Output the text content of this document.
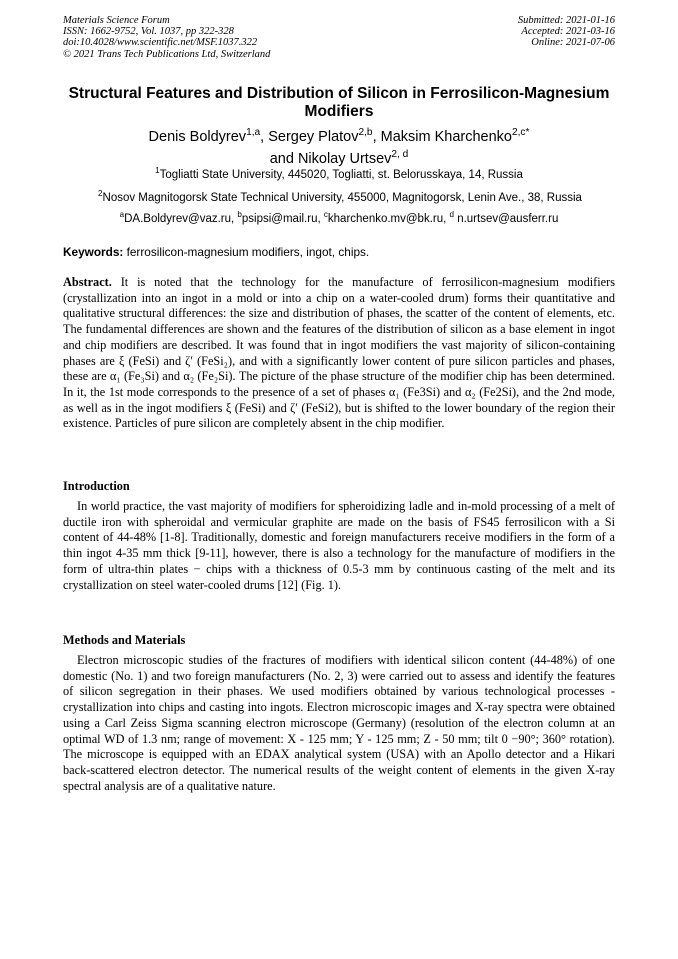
Materials Science Forum
ISSN: 1662-9752, Vol. 1037, pp 322-328
doi:10.4028/www.scientific.net/MSF.1037.322
© 2021 Trans Tech Publications Ltd, Switzerland
Submitted: 2021-01-16
Accepted: 2021-03-16
Online: 2021-07-06
Structural Features and Distribution of Silicon in Ferrosilicon-Magnesium Modifiers
Denis Boldyrev$^{1,a}$, Sergey Platov$^{2,b}$, Maksim Kharchenko$^{2,c*}$
and Nikolay Urtsev$^{2, d}$
$^1$Togliatti State University, 445020, Togliatti, st. Belorusskaya, 14, Russia
$^2$Nosov Magnitogorsk State Technical University, 455000, Magnitogorsk, Lenin Ave., 38, Russia
$^a$DA.Boldyrev@vaz.ru, $^b$psipsi@mail.ru, $^c$kharchenko.mv@bk.ru, $^d$ n.urtsev@ausferr.ru
Keywords: ferrosilicon-magnesium modifiers, ingot, chips.
Abstract. It is noted that the technology for the manufacture of ferrosilicon-magnesium modifiers (crystallization into an ingot in a mold or into a chip on a water-cooled drum) forms their quantitative and qualitative structural differences: the size and distribution of phases, the scatter of the content of elements, etc. The fundamental differences are shown and the features of the distribution of silicon as a base element in ingot and chip modifiers are described. It was found that in ingot modifiers the vast majority of silicon-containing phases are ξ (FeSi) and ζ′ (FeSi₂), and with a significantly lower content of pure silicon particles and phases, these are α₁ (Fe₃Si) and α₂ (Fe₂Si). The picture of the phase structure of the modifier chip has been determined. In it, the 1st mode corresponds to the presence of a set of phases α₁ (Fe3Si) and α₂ (Fe2Si), and the 2nd mode, as well as in the ingot modifiers ξ (FeSi) and ζ′ (FeSi2), but is shifted to the lower boundary of the region their existence. Particles of pure silicon are completely absent in the chip modifier.
Introduction
In world practice, the vast majority of modifiers for spheroidizing ladle and in-mold processing of a melt of ductile iron with spheroidal and vermicular graphite are made on the basis of FS45 ferrosilicon with a Si content of 44-48% [1-8]. Traditionally, domestic and foreign manufacturers receive modifiers in the form of a thin ingot 4-35 mm thick [9-11], however, there is also a technology for the manufacture of modifiers in the form of ultra-thin plates − chips with a thickness of 0.5-3 mm by continuous casting of the melt and its crystallization on steel water-cooled drums [12] (Fig. 1).
Methods and Materials
Electron microscopic studies of the fractures of modifiers with identical silicon content (44-48%) of one domestic (No. 1) and two foreign manufacturers (No. 2, 3) were carried out to assess and identify the features of silicon segregation in their phases. We used modifiers obtained by various technological processes - crystallization into chips and casting into ingots. Electron microscopic images and X-ray spectra were obtained using a Carl Zeiss Sigma scanning electron microscope (Germany) (resolution of the electron column at an optimal WD of 1.3 nm; range of movement: X - 125 mm; Y - 125 mm; Z - 50 mm; tilt 0 −90°; 360° rotation). The microscope is equipped with an EDAX analytical system (USA) with an Apollo detector and a Hikari back-scattered electron detector. The numerical results of the weight content of elements in the given X-ray spectral analysis are of a qualitative nature.
